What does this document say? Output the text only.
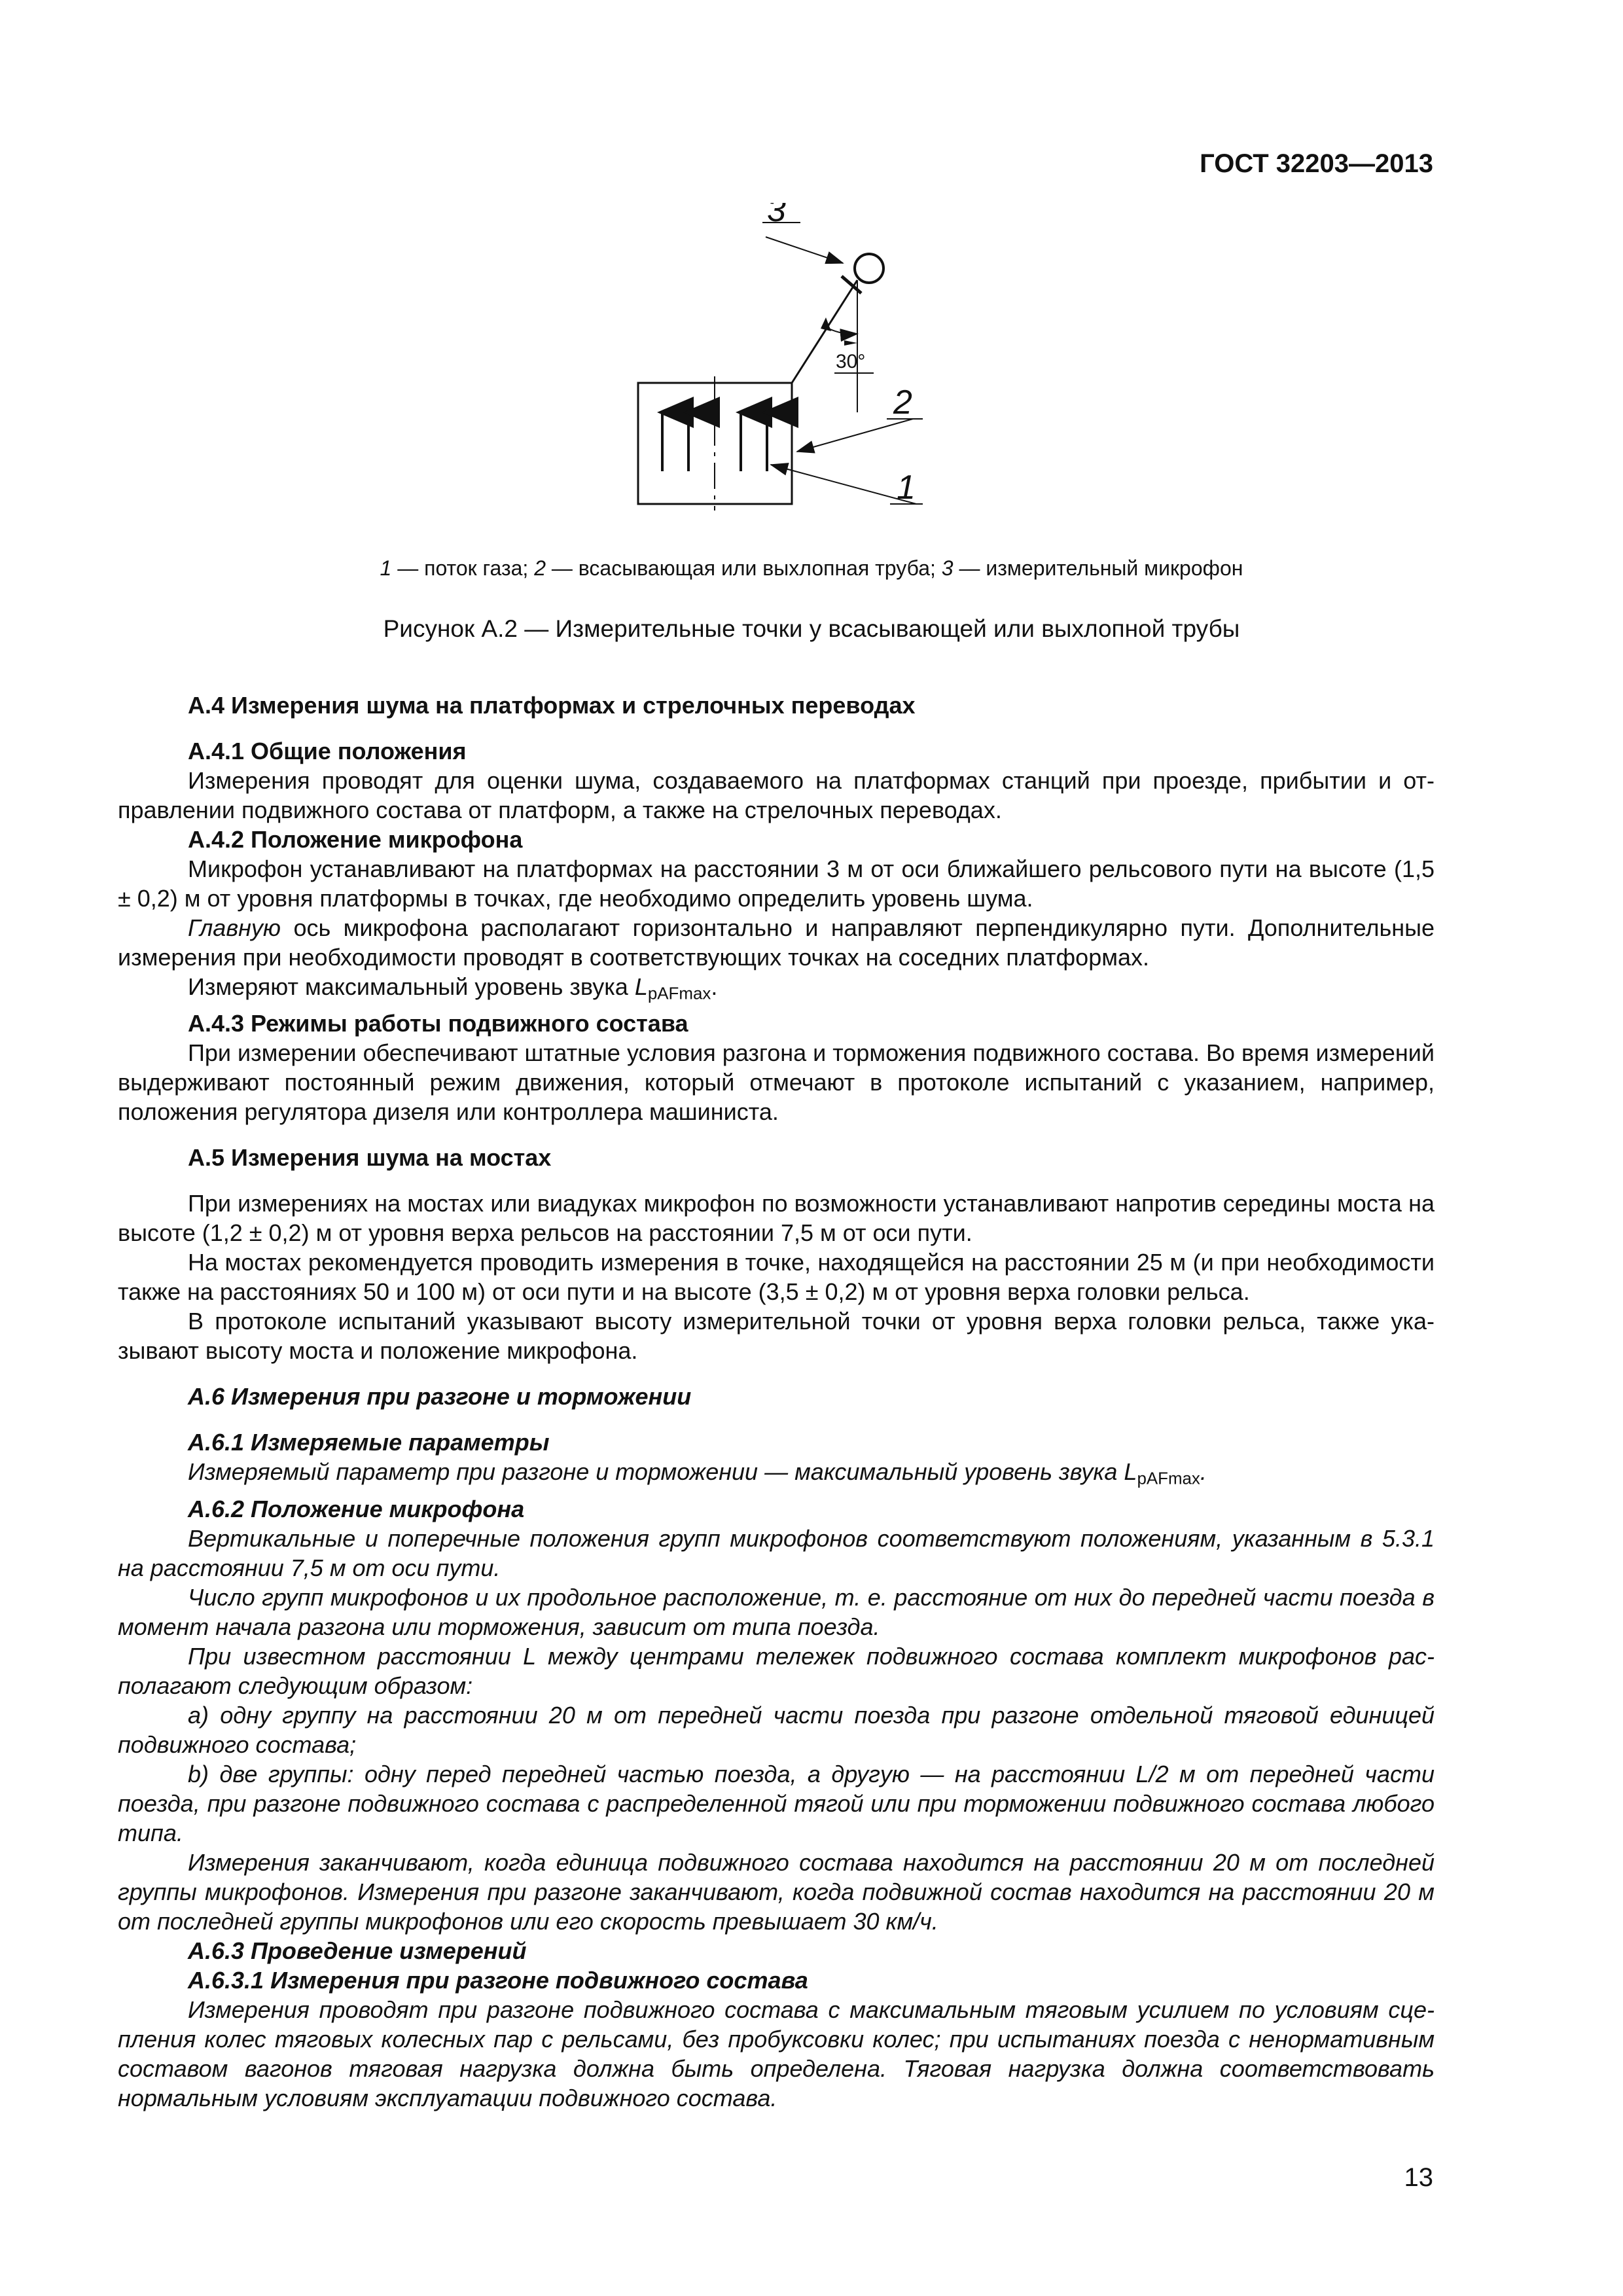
ГОСТ 32203—2013
30°
3
2
1
1 — поток газа; 2 — всасывающая или выхлопная труба; 3 — измерительный микрофон
Рисунок А.2 — Измерительные точки у всасывающей или выхлопной трубы

А.4 Измерения шума на платформах и стрелочных переводах

А.4.1 Общие положения

Измерения проводят для оценки шума, создаваемого на платформах станций при проезде, прибытии и отправлении подвижного состава от платформ, а также на стрелочных переводах.

А.4.2 Положение микрофона

Микрофон устанавливают на платформах на расстоянии 3 м от оси ближайшего рельсового пути на высоте (1,5 ± 0,2) м от уровня платформы в точках, где необходимо определить уровень шума.

Главную ось микрофона располагают горизонтально и направляют перпендикулярно пути. Дополнительные измерения при необходимости проводят в соответствующих точках на соседних платформах.

Измеряют максимальный уровень звука $L_{pAFmax}$.

А.4.3 Режимы работы подвижного состава

При измерении обеспечивают штатные условия разгона и торможения подвижного состава. Во время измерений выдерживают постоянный режим движения, который отмечают в протоколе испытаний с указанием, например, положения регулятора дизеля или контроллера машиниста.

А.5 Измерения шума на мостах

При измерениях на мостах или виадуках микрофон по возможности устанавливают напротив середины моста на высоте (1,2 ± 0,2) м от уровня верха рельсов на расстоянии 7,5 м от оси пути.

На мостах рекомендуется проводить измерения в точке, находящейся на расстоянии 25 м (и при необходимости также на расстояниях 50 и 100 м) от оси пути и на высоте (3,5 ± 0,2) м от уровня верха головки рельса.

В протоколе испытаний указывают высоту измерительной точки от уровня верха головки рельса, также указывают высоту моста и положение микрофона.

А.6 Измерения при разгоне и торможении

А.6.1 Измеряемые параметры

Измеряемый параметр при разгоне и торможении — максимальный уровень звука $L_{pAFmax}$.

А.6.2 Положение микрофона

Вертикальные и поперечные положения групп микрофонов соответствуют положениям, указанным в 5.3.1 на расстоянии 7,5 м от оси пути.

Число групп микрофонов и их продольное расположение, т. е. расстояние от них до передней части поезда в момент начала разгона или торможения, зависит от типа поезда.

При известном расстоянии L между центрами тележек подвижного состава комплект микрофонов располагают следующим образом:

a) одну группу на расстоянии 20 м от передней части поезда при разгоне отдельной тяговой единицей подвижного состава;

b) две группы: одну перед передней частью поезда, а другую — на расстоянии L/2 м от передней части поезда, при разгоне подвижного состава с распределенной тягой или при торможении подвижного состава любого типа.

Измерения заканчивают, когда единица подвижного состава находится на расстоянии 20 м от последней группы микрофонов. Измерения при разгоне заканчивают, когда подвижной состав находится на расстоянии 20 м от последней группы микрофонов или его скорость превышает 30 км/ч.

А.6.3 Проведение измерений

А.6.3.1 Измерения при разгоне подвижного состава

Измерения проводят при разгоне подвижного состава с максимальным тяговым усилием по условиям сцепления колес тяговых колесных пар с рельсами, без пробуксовки колес; при испытаниях поезда с ненормативным составом вагонов тяговая нагрузка должна быть определена. Тяговая нагрузка должна соответствовать нормальным условиям эксплуатации подвижного состава.

13
